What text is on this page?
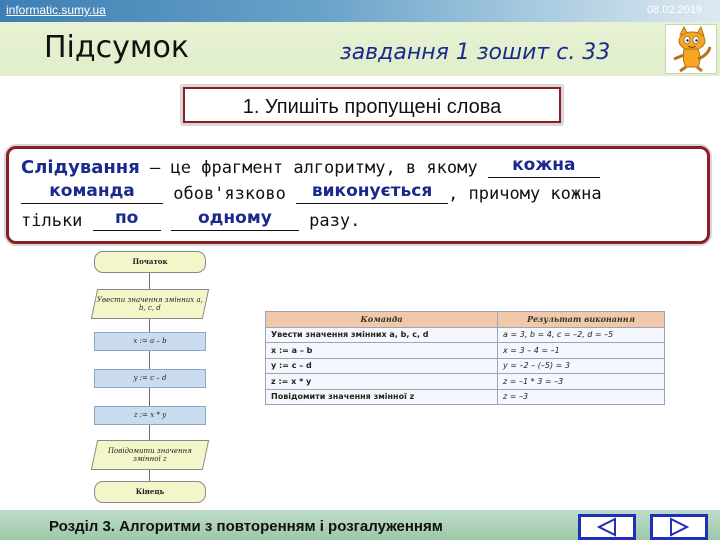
informatic.sumy.ua	08.02.2019
Підсумок	завдання 1 зошит с. 33
1. Упишіть пропущені слова
Слідування – це фрагмент алгоритму, в якому	кожна
команда	обов'язково виконується , причому кожна
тільки	по
	одному	разу.
Початок
Увести значення змінних a, b, c, d
x := a – b
y := c – d
z := x * y
Повідомити значення змінної z
Кінець
Команда	Результат виконання
Увести значення змінних a, b, c, d	a = 3, b = 4, c = –2, d = –5
x := a – b	x = 3 – 4 = –1
y := c – d	y = –2 – (–5) = 3
z := x * y	z = –1 * 3 = –3
Повідомити значення змінної z	z = –3
Розділ 3. Алгоритми з повторенням і розгалуженням
